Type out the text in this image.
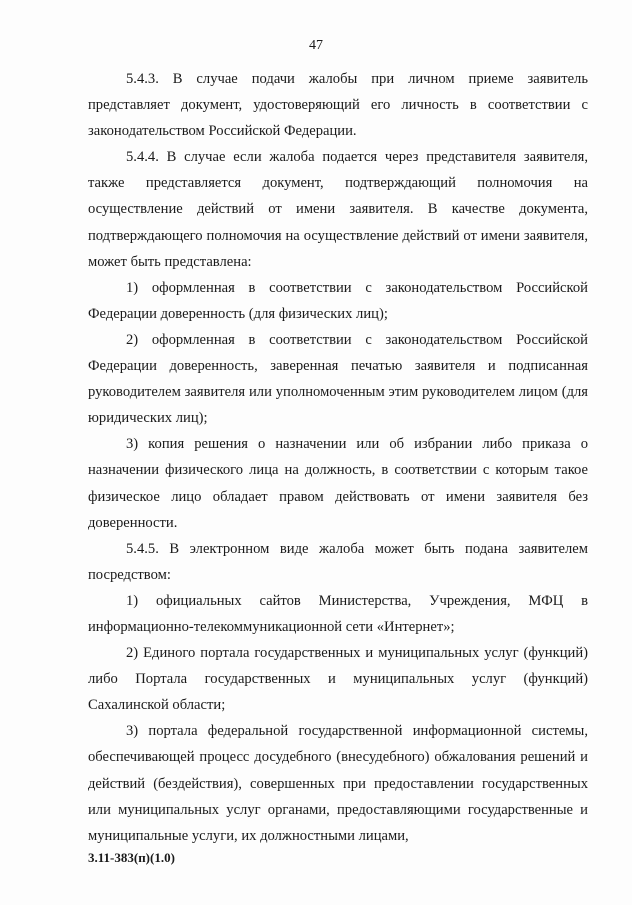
47

5.4.3. В случае подачи жалобы при личном приеме заявитель представляет документ, удостоверяющий его личность в соответствии с законодательством Российской Федерации.

5.4.4. В случае если жалоба подается через представителя заявителя, также представляется документ, подтверждающий полномочия на осуществление действий от имени заявителя. В качестве документа, подтверждающего полномочия на осуществление действий от имени заявителя, может быть представлена:

1) оформленная в соответствии с законодательством Российской Федерации доверенность (для физических лиц);

2) оформленная в соответствии с законодательством Российской Федерации доверенность, заверенная печатью заявителя и подписанная руководителем заявителя или уполномоченным этим руководителем лицом (для юридических лиц);

3) копия решения о назначении или об избрании либо приказа о назначении физического лица на должность, в соответствии с которым такое физическое лицо обладает правом действовать от имени заявителя без доверенности.

5.4.5. В электронном виде жалоба может быть подана заявителем посредством:

1) официальных сайтов Министерства, Учреждения, МФЦ в информационно-телекоммуникационной сети «Интернет»;

2) Единого портала государственных и муниципальных услуг (функций) либо Портала государственных и муниципальных услуг (функций) Сахалинской области;

3) портала федеральной государственной информационной системы, обеспечивающей процесс досудебного (внесудебного) обжалования решений и действий (бездействия), совершенных при предоставлении государственных или муниципальных услуг органами, предоставляющими государственные и муниципальные услуги, их должностными лицами,

3.11-383(п)(1.0)
